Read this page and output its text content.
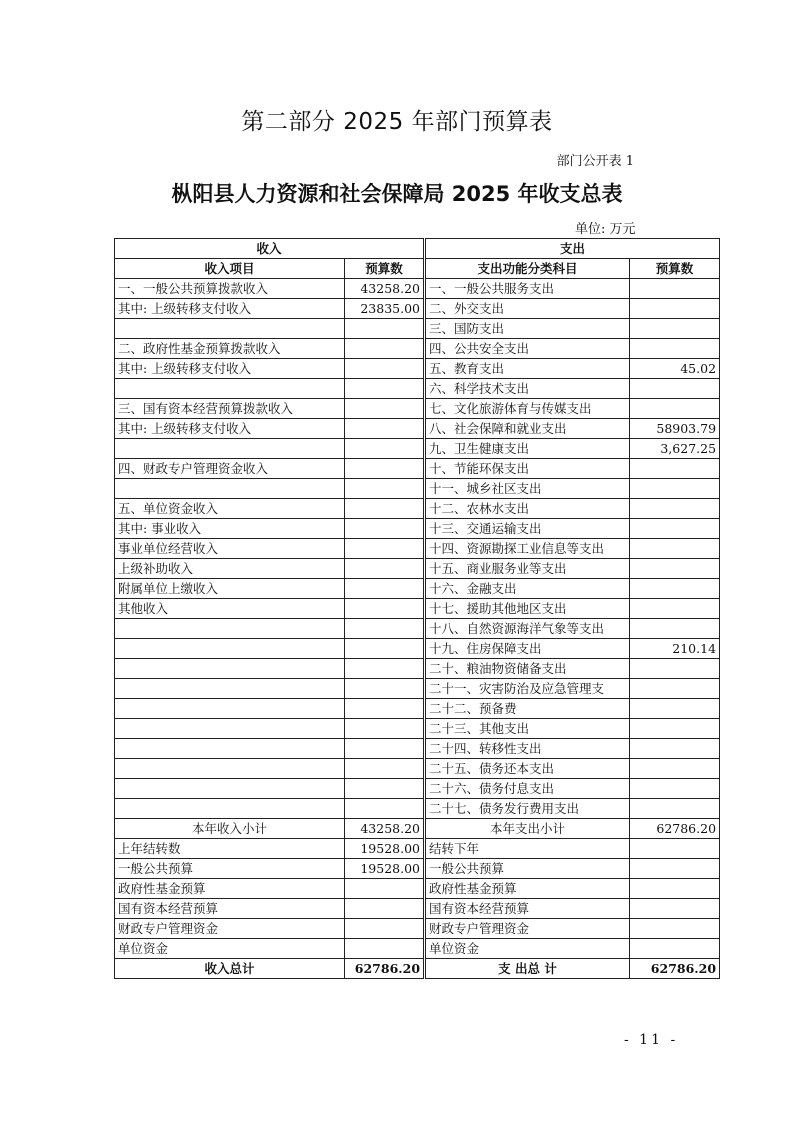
第二部分 2025 年部门预算表
部门公开表 1
枞阳县人力资源和社会保障局 2025 年收支总表
单位: 万元
收入		支出	
收入项目	预算数	支出功能分类科目	预算数
一、一般公共预算拨款收入	43258.20	一、一般公共服务支出	
其中: 上级转移支付收入	23835.00	二、外交支出	
		三、国防支出	
二、政府性基金预算拨款收入		四、公共安全支出	
其中: 上级转移支付收入		五、教育支出	45.02
		六、科学技术支出	
三、国有资本经营预算拨款收入		七、文化旅游体育与传媒支出	
其中: 上级转移支付收入		八、社会保障和就业支出	58903.79
		九、卫生健康支出	3,627.25
四、财政专户管理资金收入		十、节能环保支出	
		十一、城乡社区支出	
五、单位资金收入		十二、农林水支出	
其中: 事业收入		十三、交通运输支出	
事业单位经营收入		十四、资源勘探工业信息等支出	
上级补助收入		十五、商业服务业等支出	
附属单位上缴收入		十六、金融支出	
其他收入		十七、援助其他地区支出	
		十八、自然资源海洋气象等支出	
		十九、住房保障支出	210.14
		二十、粮油物资储备支出	
		二十一、灾害防治及应急管理支	
		二十二、预备费	
		二十三、其他支出	
		二十四、转移性支出	
		二十五、债务还本支出	
		二十六、债务付息支出	
		二十七、债务发行费用支出	
本年收入小计	43258.20	本年支出小计	62786.20
上年结转数	19528.00	结转下年	
一般公共预算	19528.00	一般公共预算	
政府性基金预算		政府性基金预算	
国有资本经营预算		国有资本经营预算	
财政专户管理资金		财政专户管理资金	
单位资金		单位资金	
收入总计	62786.20	支 出总 计	62786.20
- 11 -
